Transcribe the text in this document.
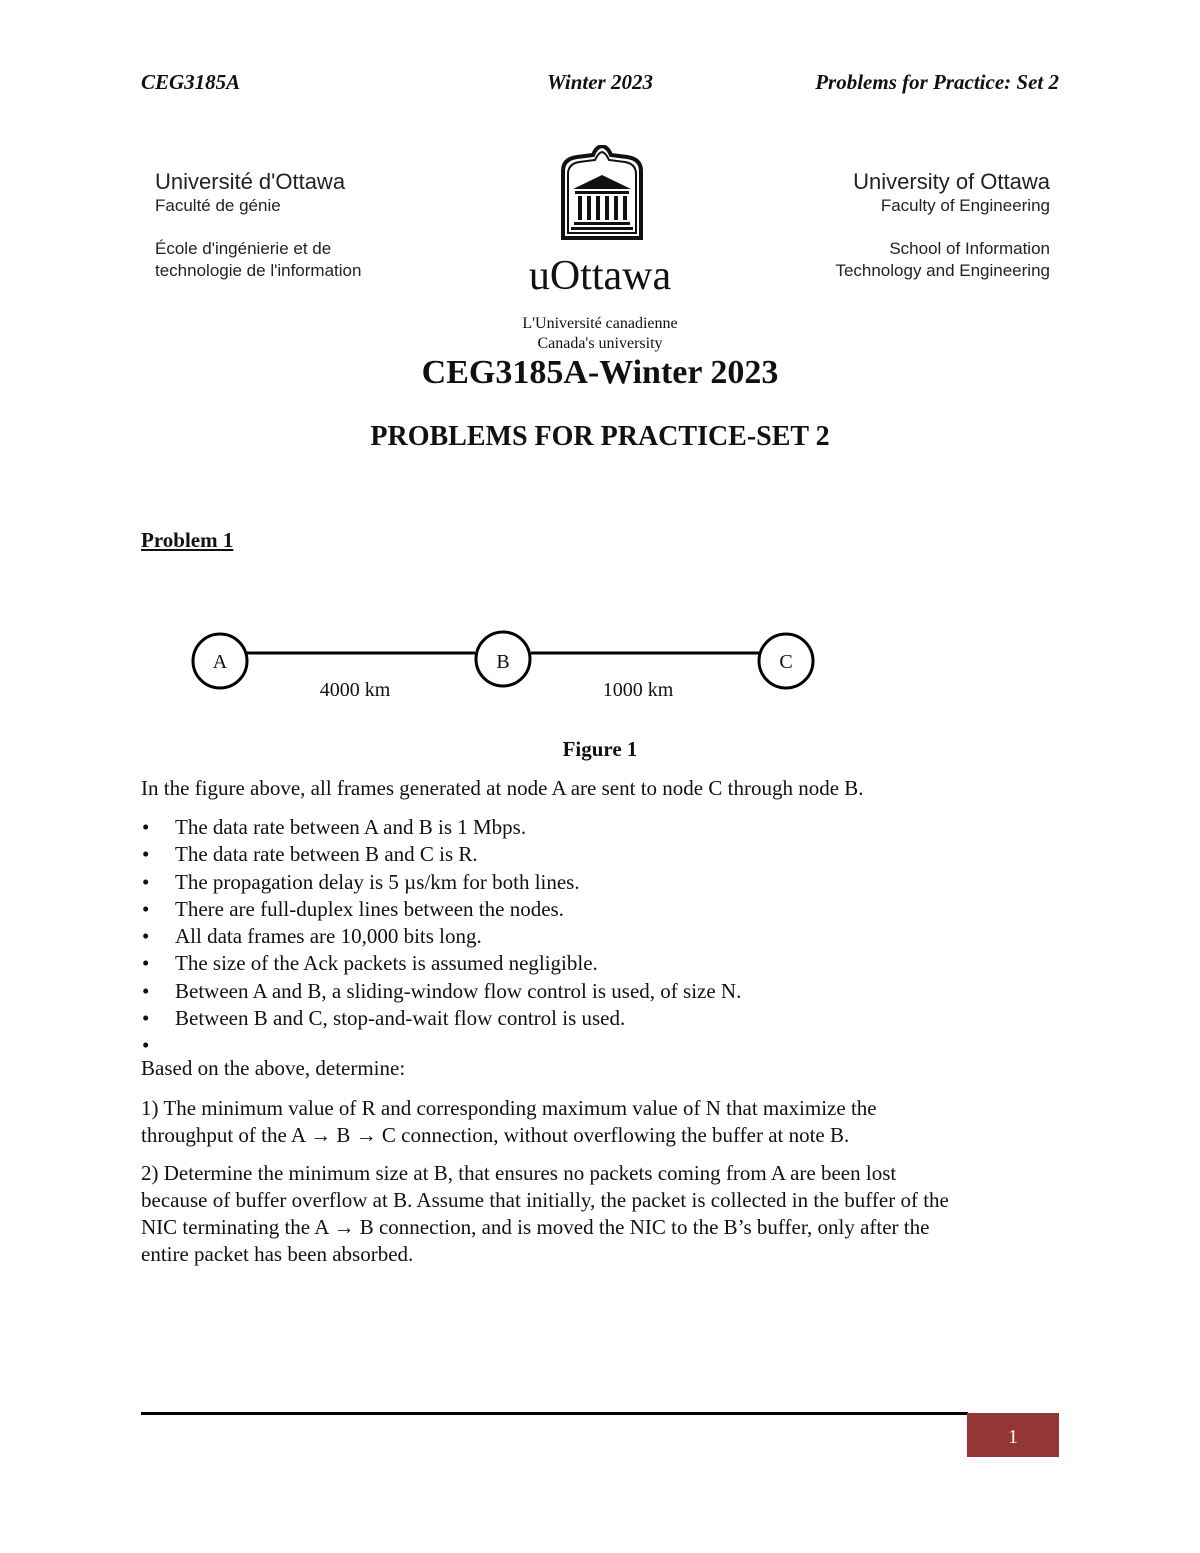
CEG3185A	Winter 2023	Problems for Practice: Set 2
Université d'Ottawa
Faculté de génie
École d'ingénierie et de
technologie de l'information	uOttawa
L'Université canadienne
Canada's university
University of Ottawa
Faculty of Engineering
School of Information
Technology and Engineering
CEG3185A-Winter 2023
PROBLEMS FOR PRACTICE-SET 2
Problem 1
A	B	C
4000 km	1000 km
Figure 1
In the figure above, all frames generated at node A are sent to node C through node B.
• The data rate between A and B is 1 Mbps.
• The data rate between B and C is R.
• The propagation delay is 5 µs/km for both lines.
• There are full-duplex lines between the nodes.
• All data frames are 10,000 bits long.
• The size of the Ack packets is assumed negligible.
• Between A and B, a sliding-window flow control is used, of size N.
• Between B and C, stop-and-wait flow control is used.
•
Based on the above, determine:
1) The minimum value of R and corresponding maximum value of N that maximize the
throughput of the A → B → C connection, without overflowing the buffer at note B.
2) Determine the minimum size at B, that ensures no packets coming from A are been lost
because of buffer overflow at B. Assume that initially, the packet is collected in the buffer of the
NIC terminating the A → B connection, and is moved the NIC to the B’s buffer, only after the
entire packet has been absorbed.
1
